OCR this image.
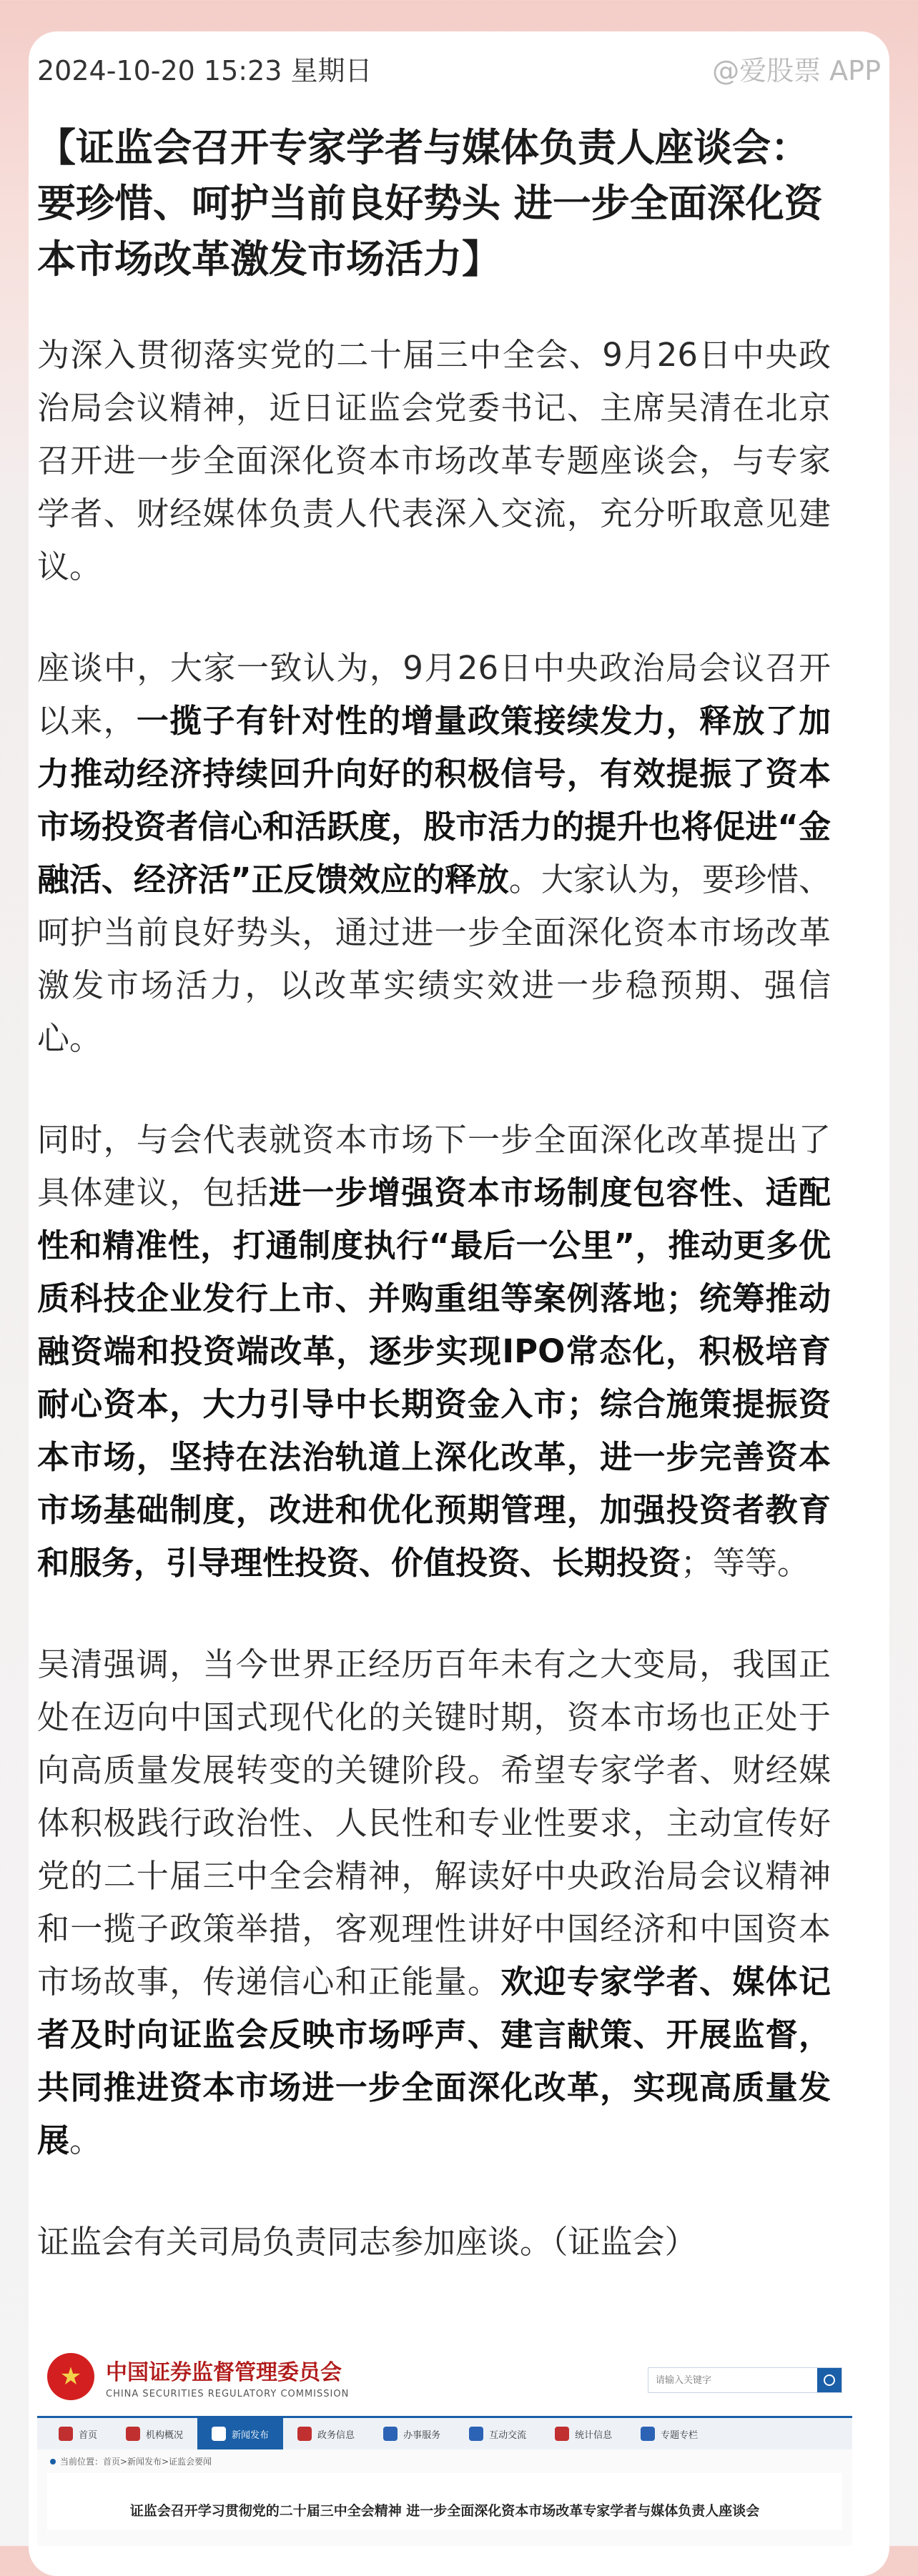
2024-10-20 15:23 星期日	@爱股票 APP
【证监会召开专家学者与媒体负责人座谈会：要珍惜、呵护当前良好势头 进一步全面深化资本市场改革激发市场活力】

为深入贯彻落实党的二十届三中全会、9月26日中央政治局会议精神，近日证监会党委书记、主席吴清在北京召开进一步全面深化资本市场改革专题座谈会，与专家学者、财经媒体负责人代表深入交流，充分听取意见建议。

座谈中，大家一致认为，9月26日中央政治局会议召开以来，一揽子有针对性的增量政策接续发力，释放了加力推动经济持续回升向好的积极信号，有效提振了资本市场投资者信心和活跃度，股市活力的提升也将促进“金融活、经济活”正反馈效应的释放。大家认为，要珍惜、呵护当前良好势头，通过进一步全面深化资本市场改革激发市场活力，以改革实绩实效进一步稳预期、强信心。

同时，与会代表就资本市场下一步全面深化改革提出了具体建议，包括进一步增强资本市场制度包容性、适配性和精准性，打通制度执行“最后一公里”，推动更多优质科技企业发行上市、并购重组等案例落地；统筹推动融资端和投资端改革，逐步实现IPO常态化，积极培育耐心资本，大力引导中长期资金入市；综合施策提振资本市场，坚持在法治轨道上深化改革，进一步完善资本市场基础制度，改进和优化预期管理，加强投资者教育和服务，引导理性投资、价值投资、长期投资；等等。

吴清强调，当今世界正经历百年未有之大变局，我国正处在迈向中国式现代化的关键时期，资本市场也正处于向高质量发展转变的关键阶段。希望专家学者、财经媒体积极践行政治性、人民性和专业性要求，主动宣传好党的二十届三中全会精神，解读好中央政治局会议精神和一揽子政策举措，客观理性讲好中国经济和中国资本市场故事，传递信心和正能量。欢迎专家学者、媒体记者及时向证监会反映市场呼声、建言献策、开展监督，共同推进资本市场进一步全面深化改革，实现高质量发展。

证监会有关司局负责同志参加座谈。（证监会）

★	中国证券监督管理委员会
CHINA SECURITIES REGULATORY COMMISSION
请输入关键字
首页	机构概况	新闻发布	政务信息	办事服务	互动交流	统计信息	专题专栏
当前位置：首页>新闻发布>证监会要闻
证监会召开学习贯彻党的二十届三中全会精神 进一步全面深化资本市场改革专家学者与媒体负责人座谈会
